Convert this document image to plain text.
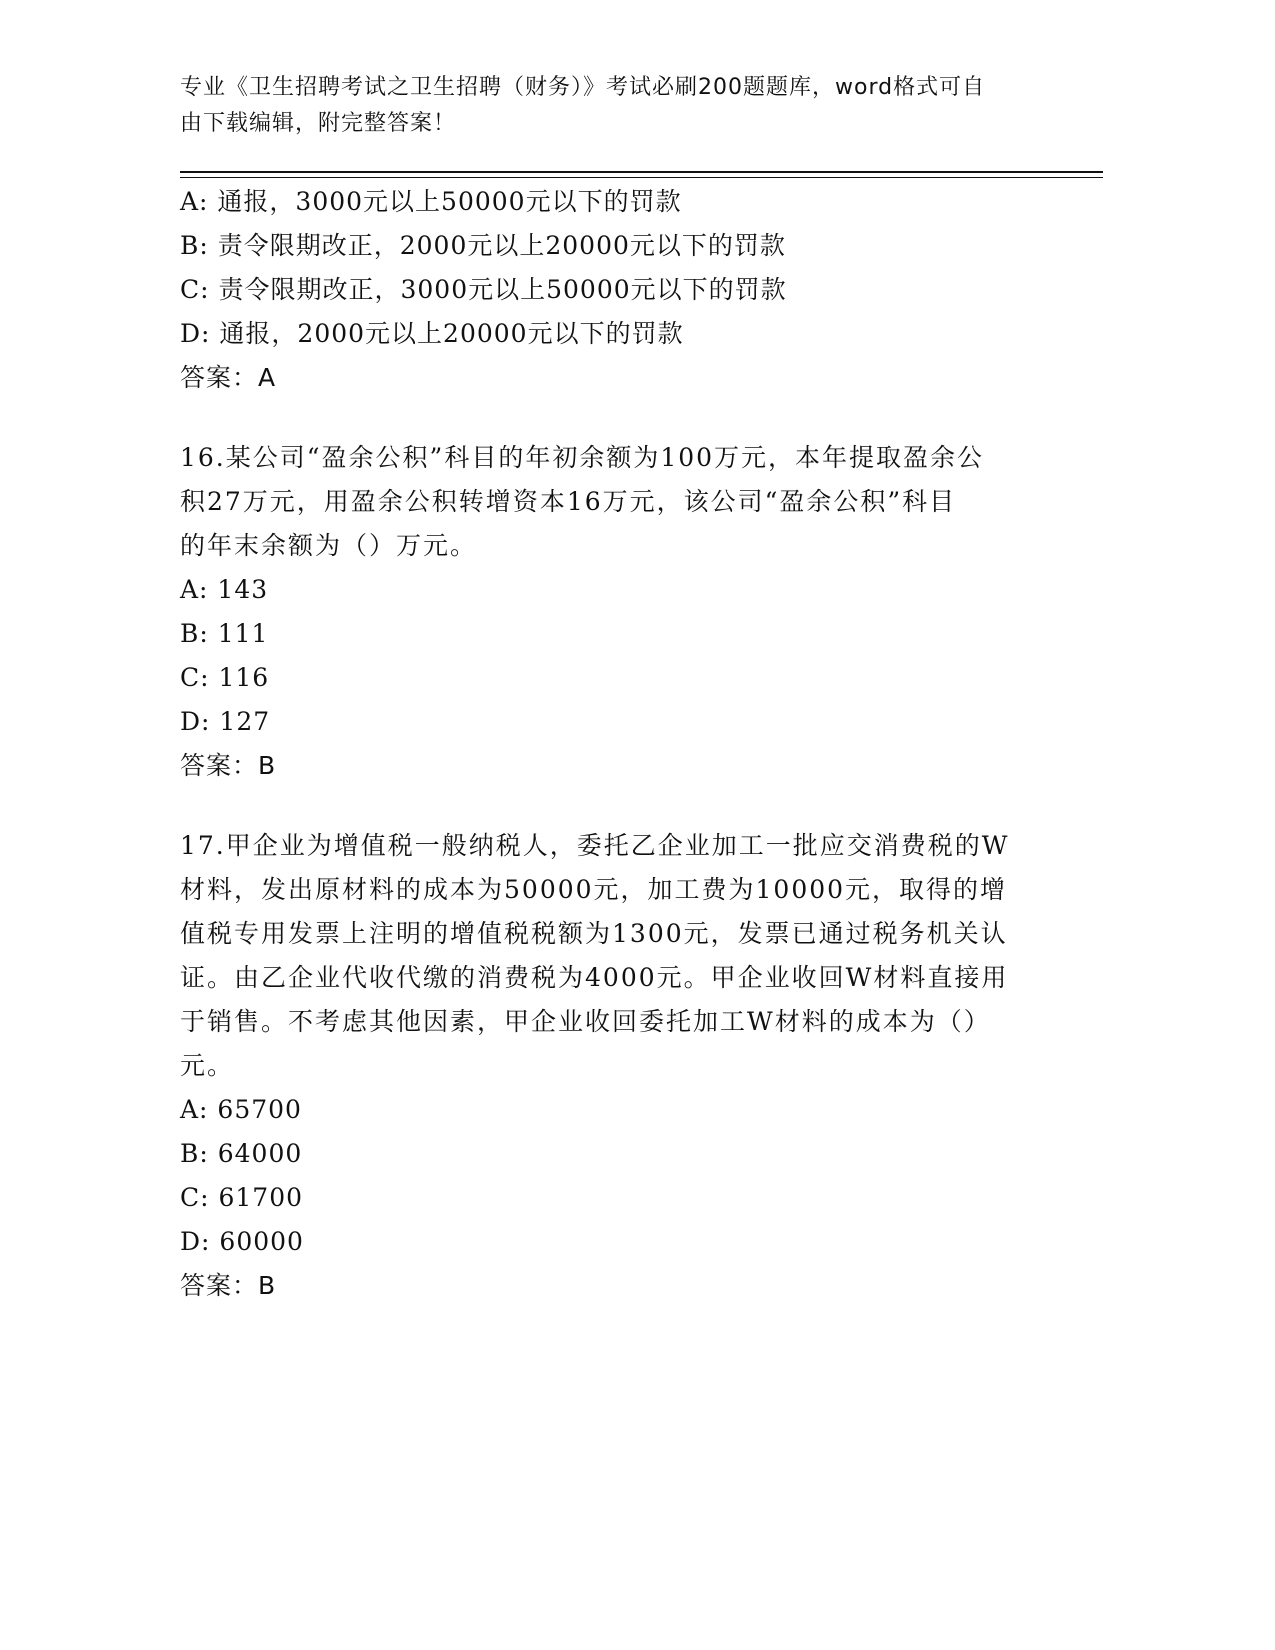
专业《卫生招聘考试之卫生招聘（财务）》考试必刷200题题库，word格式可自
由下载编辑，附完整答案！
A: 通报，3000元以上50000元以下的罚款
B: 责令限期改正，2000元以上20000元以下的罚款
C: 责令限期改正，3000元以上50000元以下的罚款
D: 通报，2000元以上20000元以下的罚款
答案：A
16.某公司“盈余公积”科目的年初余额为100万元，本年提取盈余公
积27万元，用盈余公积转增资本16万元，该公司“盈余公积”科目
的年末余额为（）万元。
A: 143
B: 111
C: 116
D: 127
答案：B
17.甲企业为增值税一般纳税人，委托乙企业加工一批应交消费税的W
材料，发出原材料的成本为50000元，加工费为10000元，取得的增
值税专用发票上注明的增值税税额为1300元，发票已通过税务机关认
证。由乙企业代收代缴的消费税为4000元。甲企业收回W材料直接用
于销售。不考虑其他因素，甲企业收回委托加工W材料的成本为（）
元。
A: 65700
B: 64000
C: 61700
D: 60000
答案：B
